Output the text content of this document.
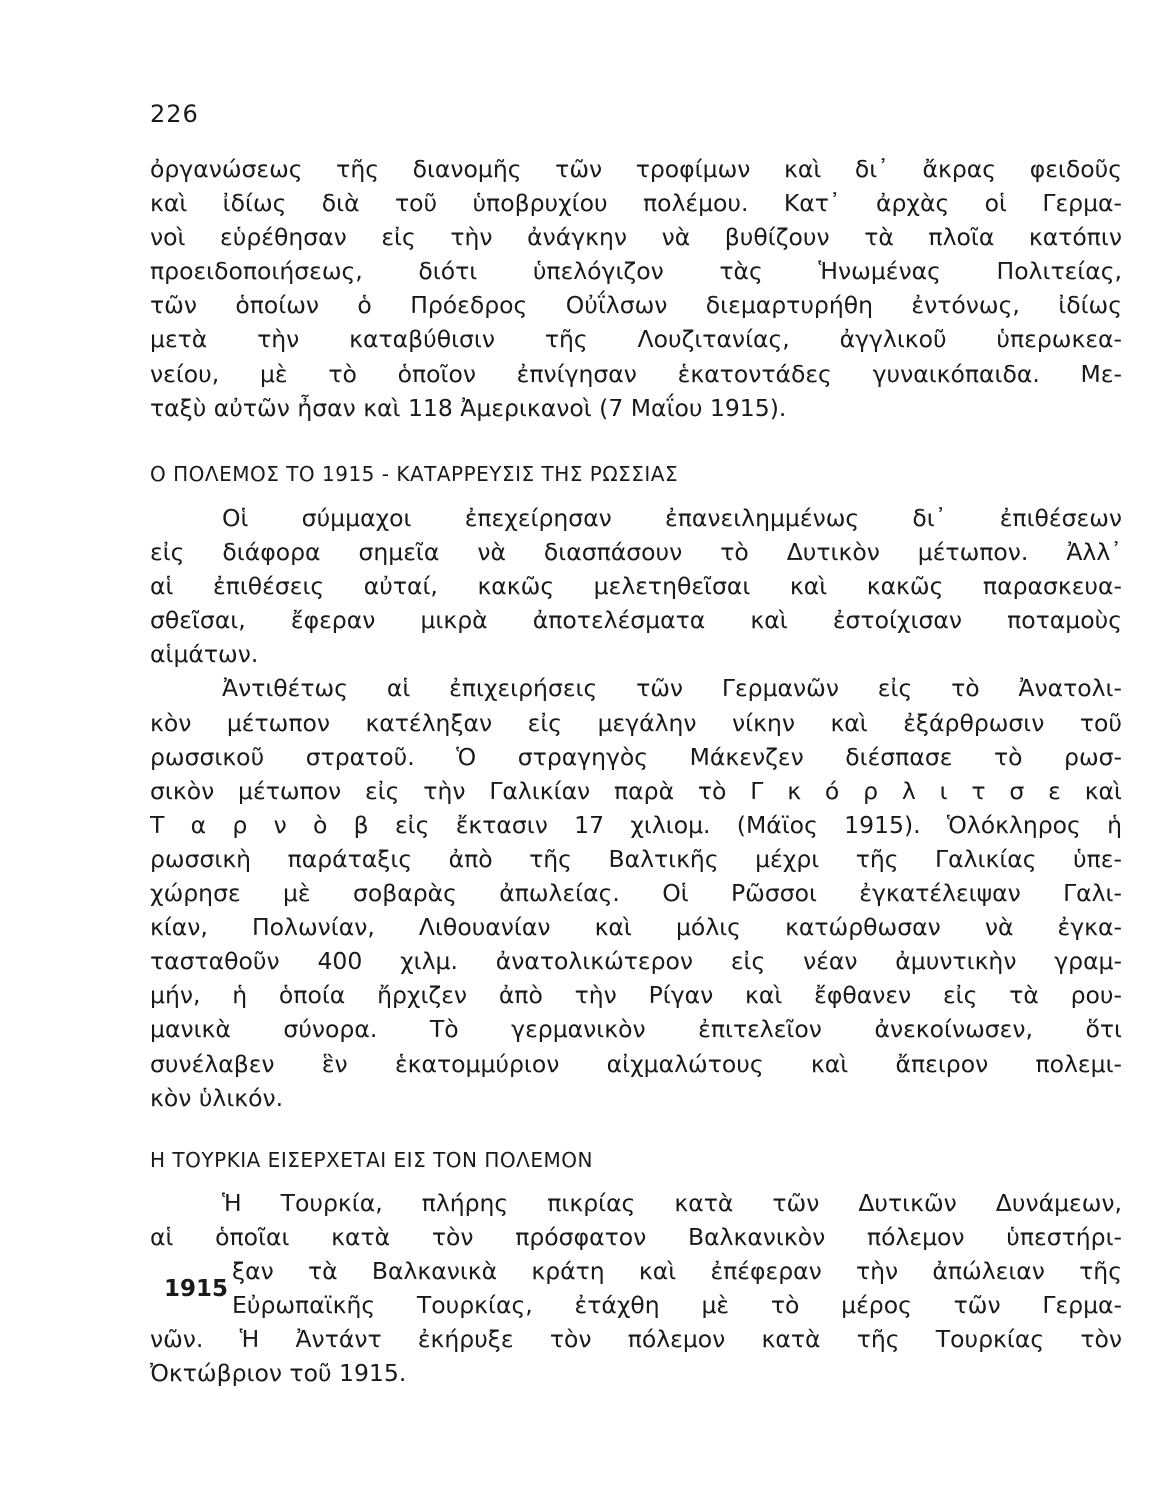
226
ὀργανώσεως τῆς διανομῆς τῶν τροφίμων καὶ δι᾿ ἄκρας φειδοῦς
καὶ ἰδίως διὰ τοῦ ὑποβρυχίου πολέμου. Κατ᾿ ἀρχὰς οἱ Γερμα-
νοὶ εὑρέθησαν εἰς τὴν ἀνάγκην νὰ βυθίζουν τὰ πλοῖα κατόπιν
προειδοποιήσεως, διότι ὑπελόγιζον τὰς Ἡνωμένας Πολιτείας,
τῶν ὁποίων ὁ Πρόεδρος Οὐΐλσων διεμαρτυρήθη ἐντόνως, ἰδίως
μετὰ τὴν καταβύθισιν τῆς Λουζιτανίας, ἀγγλικοῦ ὑπερωκεα-
νείου, μὲ τὸ ὁποῖον ἐπνίγησαν ἑκατοντάδες γυναικόπαιδα. Με-
ταξὺ αὐτῶν ἦσαν καὶ 118 Ἀμερικανοὶ (7 Μαΐου 1915).
Ο ΠΟΛΕΜΟΣ ΤΟ 1915 - ΚΑΤΑΡΡΕΥΣΙΣ ΤΗΣ ΡΩΣΣΙΑΣ
Οἱ σύμμαχοι ἐπεχείρησαν ἐπανειλημμένως δι᾿ ἐπιθέσεων
εἰς διάφορα σημεῖα νὰ διασπάσουν τὸ Δυτικὸν μέτωπον. Ἀλλ᾿
αἱ ἐπιθέσεις αὐταί, κακῶς μελετηθεῖσαι καὶ κακῶς παρασκευα-
σθεῖσαι, ἔφεραν μικρὰ ἀποτελέσματα καὶ ἐστοίχισαν ποταμοὺς
αἱμάτων.
Ἀντιθέτως αἱ ἐπιχειρήσεις τῶν Γερμανῶν εἰς τὸ Ἀνατολι-
κὸν μέτωπον κατέληξαν εἰς μεγάλην νίκην καὶ ἐξάρθρωσιν τοῦ
ρωσσικοῦ στρατοῦ. Ὁ στραγηγὸς Μάκενζεν διέσπασε τὸ ρωσ-
σικὸν μέτωπον εἰς τὴν Γαλικίαν παρὰ τὸ Γ κ ό ρ λ ι τ σ ε καὶ
Τ α ρ ν ὸ β εἰς ἔκτασιν 17 χιλιομ. (Μάϊος 1915). Ὁλόκληρος ἡ
ρωσσικὴ παράταξις ἀπὸ τῆς Βαλτικῆς μέχρι τῆς Γαλικίας ὑπε-
χώρησε μὲ σοβαρὰς ἀπωλείας. Οἱ Ρῶσσοι ἐγκατέλειψαν Γαλι-
κίαν, Πολωνίαν, Λιθουανίαν καὶ μόλις κατώρθωσαν νὰ ἐγκα-
τασταθοῦν 400 χιλμ. ἀνατολικώτερον εἰς νέαν ἀμυντικὴν γραμ-
μήν, ἡ ὁποία ἤρχιζεν ἀπὸ τὴν Ρίγαν καὶ ἔφθανεν εἰς τὰ ρου-
μανικὰ σύνορα. Τὸ γερμανικὸν ἐπιτελεῖον ἀνεκοίνωσεν, ὅτι
συνέλαβεν ἓν ἑκατομμύριον αἰχμαλώτους καὶ ἄπειρον πολεμι-
κὸν ὑλικόν.
Η ΤΟΥΡΚΙΑ ΕΙΣΕΡΧΕΤΑΙ ΕΙΣ ΤΟΝ ΠΟΛΕΜΟΝ
1915
Ἡ Τουρκία, πλήρης πικρίας κατὰ τῶν Δυτικῶν Δυνάμεων,
αἱ ὁποῖαι κατὰ τὸν πρόσφατον Βαλκανικὸν πόλεμον ὑπεστήρι-
ξαν τὰ Βαλκανικὰ κράτη καὶ ἐπέφεραν τὴν ἀπώλειαν τῆς
Εὐρωπαϊκῆς Τουρκίας, ἐτάχθη μὲ τὸ μέρος τῶν Γερμα-
νῶν. Ἡ Ἀντάντ ἐκήρυξε τὸν πόλεμον κατὰ τῆς Τουρκίας τὸν
Ὀκτώβριον τοῦ 1915.
